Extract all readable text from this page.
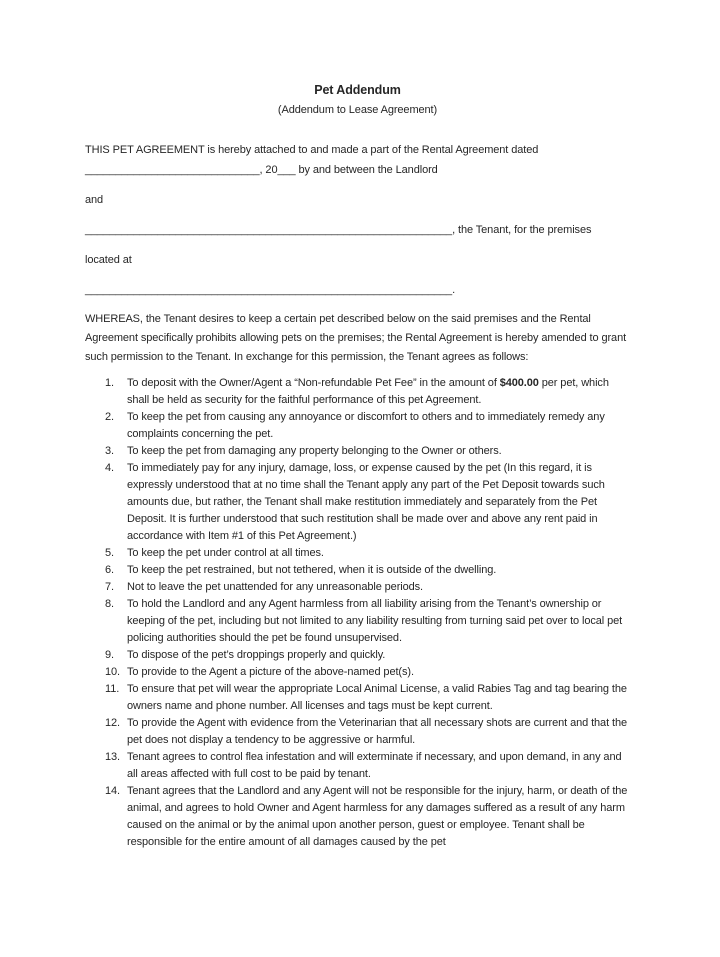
Pet Addendum

(Addendum to Lease Agreement)

THIS PET AGREEMENT is hereby attached to and made a part of the Rental Agreement dated _____________________________, 20___ by and between the Landlord

and

_____________________________________________________________, the Tenant, for the premises

located at

_____________________________________________________________.

WHEREAS, the Tenant desires to keep a certain pet described below on the said premises and the Rental Agreement specifically prohibits allowing pets on the premises; the Rental Agreement is hereby amended to grant such permission to the Tenant. In exchange for this permission, the Tenant agrees as follows:

1.	To deposit with the Owner/Agent a “Non-refundable Pet Fee” in the amount of $400.00 per pet, which shall be held as security for the faithful performance of this pet Agreement.
2.	To keep the pet from causing any annoyance or discomfort to others and to immediately remedy any complaints concerning the pet.
3.	To keep the pet from damaging any property belonging to the Owner or others.
4.	To immediately pay for any injury, damage, loss, or expense caused by the pet (In this regard, it is expressly understood that at no time shall the Tenant apply any part of the Pet Deposit towards such amounts due, but rather, the Tenant shall make restitution immediately and separately from the Pet Deposit. It is further understood that such restitution shall be made over and above any rent paid in accordance with Item #1 of this Pet Agreement.)
5.	To keep the pet under control at all times.
6.	To keep the pet restrained, but not tethered, when it is outside of the dwelling.
7.	Not to leave the pet unattended for any unreasonable periods.
8.	To hold the Landlord and any Agent harmless from all liability arising from the Tenant’s ownership or keeping of the pet, including but not limited to any liability resulting from turning said pet over to local pet policing authorities should the pet be found unsupervised.
9.	To dispose of the pet’s droppings properly and quickly.
10. To provide to the Agent a picture of the above-named pet(s).
11. To ensure that pet will wear the appropriate Local Animal License, a valid Rabies Tag and tag bearing the owners name and phone number. All licenses and tags must be kept current.
12. To provide the Agent with evidence from the Veterinarian that all necessary shots are current and that the pet does not display a tendency to be aggressive or harmful.
13. Tenant agrees to control flea infestation and will exterminate if necessary, and upon demand, in any and all areas affected with full cost to be paid by tenant.
14. Tenant agrees that the Landlord and any Agent will not be responsible for the injury, harm, or death of the animal, and agrees to hold Owner and Agent harmless for any damages suffered as a result of any harm caused on the animal or by the animal upon another person, guest or employee. Tenant shall be responsible for the entire amount of all damages caused by the pet
